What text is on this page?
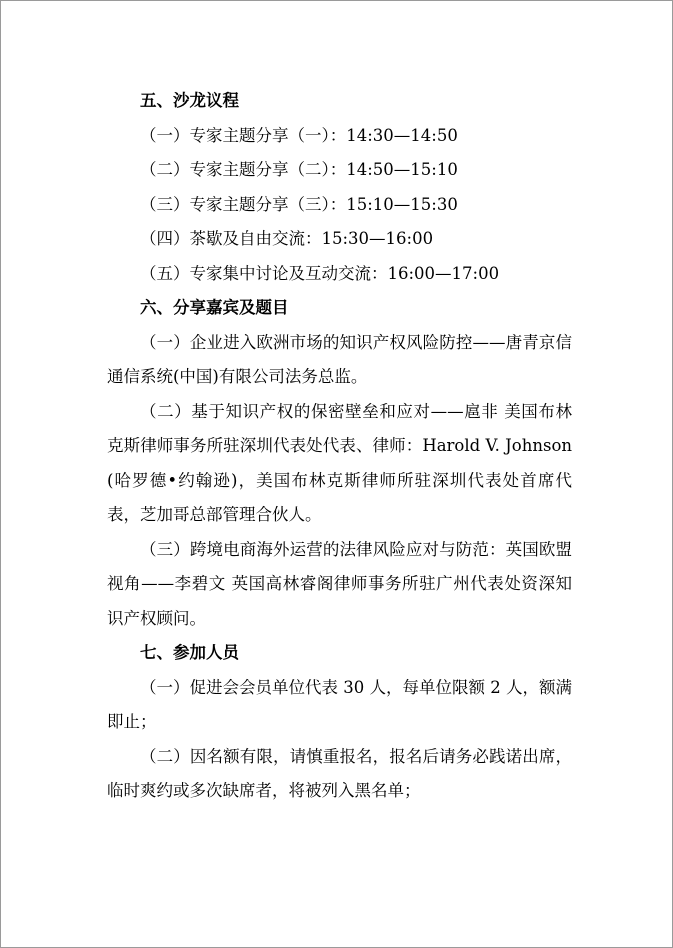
五、沙龙议程
（一）专家主题分享（一）：14:30—14:50
（二）专家主题分享（二）：14:50—15:10
（三）专家主题分享（三）：15:10—15:30
（四）茶歇及自由交流：15:30—16:00
（五）专家集中讨论及互动交流：16:00—17:00
六、分享嘉宾及题目
（一）企业进入欧洲市场的知识产权风险防控——唐青京信通信系统(中国)有限公司法务总监。
（二）基于知识产权的保密壁垒和应对——扈非 美国布林克斯律师事务所驻深圳代表处代表、律师：Harold V. Johnson (哈罗德•约翰逊)，美国布林克斯律师所驻深圳代表处首席代表，芝加哥总部管理合伙人。
（三）跨境电商海外运营的法律风险应对与防范：英国欧盟视角——李碧文 英国高林睿阁律师事务所驻广州代表处资深知识产权顾问。
七、参加人员
（一）促进会会员单位代表 30 人，每单位限额 2 人，额满即止；
（二）因名额有限，请慎重报名，报名后请务必践诺出席，临时爽约或多次缺席者，将被列入黑名单；
